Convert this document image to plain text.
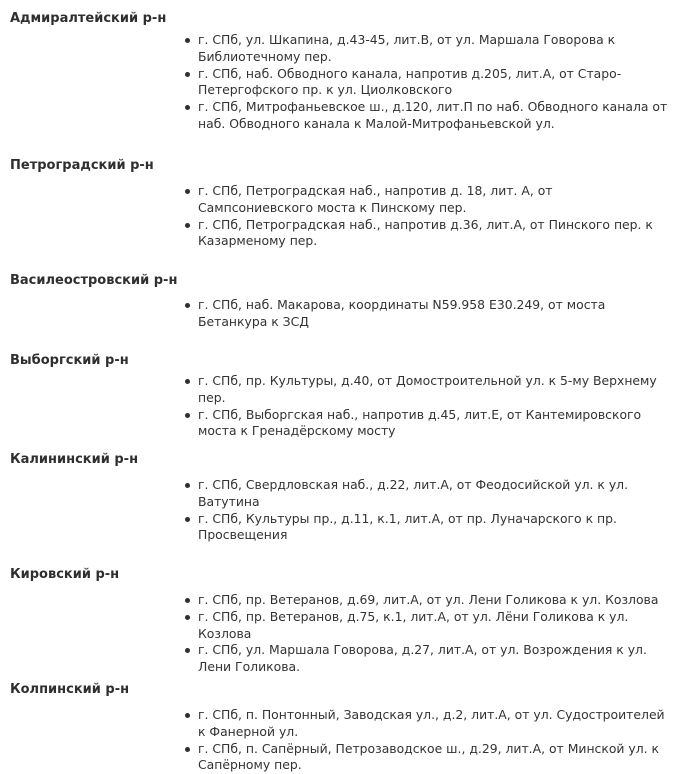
Адмиралтейский р-н
г. СПб, ул. Шкапина, д.43-45, лит.В, от ул. Маршала Говорова к Библиотечному пер.
г. СПб, наб. Обводного канала, напротив д.205, лит.А, от Старо-Петергофского пр. к ул. Циолковского
г. СПб, Митрофаньевское ш., д.120, лит.П по наб. Обводного канала от наб. Обводного канала к Малой-Митрофаньевской ул.
Петроградский р-н
г. СПб, Петроградская наб., напротив д. 18, лит. А, от Сампсониевского моста к Пинскому пер.
г. СПб, Петроградская наб., напротив д.36, лит.А, от Пинского пер. к Казарменому пер.
Василеостровский р-н
г. СПб, наб. Макарова, координаты N59.958 E30.249, от моста Бетанкура к ЗСД
Выборгский р-н
г. СПб, пр. Культуры, д.40, от Домостроительной ул. к 5-му Верхнему пер.
г. СПб, Выборгская наб., напротив д.45, лит.Е, от Кантемировского моста к Гренадёрскому мосту
Калининский р-н
г. СПб, Свердловская наб., д.22, лит.А, от Феодосийской ул. к ул. Ватутина
г. СПб, Культуры пр., д.11, к.1, лит.А, от пр. Луначарского к пр. Просвещения
Кировский р-н
г. СПб, пр. Ветеранов, д.69, лит.А, от ул. Лени Голикова к ул. Козлова
г. СПб, пр. Ветеранов, д.75, к.1, лит.А, от ул. Лёни Голикова к ул. Козлова
г. СПб, ул. Маршала Говорова, д.27, лит.А, от ул. Возрождения к ул. Лени Голикова.
Колпинский р-н
г. СПб, п. Понтонный, Заводская ул., д.2, лит.А, от ул. Судостроителей к Фанерной ул.
г. СПб, п. Сапёрный, Петрозаводское ш., д.29, лит.А, от Минской ул. к Сапёрному пер.
